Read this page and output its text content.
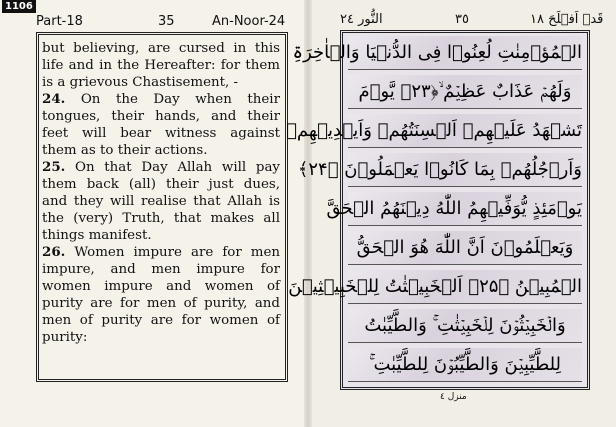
1106
Part-18	35	An-Noor-24	النُّور ٢٤	٣٥	قَدۡ اَفۡلَحَ ١٨

but believing, are cursed in this life and in the Hereafter: for them is a grievous Chastisement, -

24. On the Day when their tongues, their hands, and their feet will bear witness against them as to their actions.

25. On that Day Allah will pay them back (all) their just dues, and they will realise that Allah is the (very) Truth, that makes all things manifest.

26. Women impure are for men impure, and men impure for women impure and women of purity are for men of purity, and men of purity are for women of purity:

الۡمُؤۡمِنٰتِ لُعِنُوۡا فِی الدُّنۡیَا وَالۡاٰخِرَۃِ
وَلَهُمۡ عَذَابٌ عَظِیۡمٌ ۙ﴿۲۳﴾ یَّوۡمَ
تَشۡهَدُ عَلَیۡهِمۡ اَلۡسِنَتُهُمۡ وَاَیۡدِیۡهِمۡ
وَاَرۡجُلُهُمۡ بِمَا كَانُوۡا یَعۡمَلُوۡنَ ﴿۲۴﴾
یَوۡمَئِذٍ یُّوَفِّیۡهِمُ اللّٰهُ دِیۡنَهُمُ الۡحَقَّ
وَیَعۡلَمُوۡنَ اَنَّ اللّٰهَ هُوَ الۡحَقُّ
الۡمُبِیۡنُ ﴿۲۵﴾ اَلۡخَبِیۡثٰتُ لِلۡخَبِیۡثِیۡنَ
وَالۡخَبِیۡثُوۡنَ لِلۡخَبِیۡثٰتِ ۚ وَالطَّیِّبٰتُ
لِلطَّیِّبِیۡنَ وَالطَّیِّبُوۡنَ لِلطَّیِّبٰتِ ۚ
منزل ٤
